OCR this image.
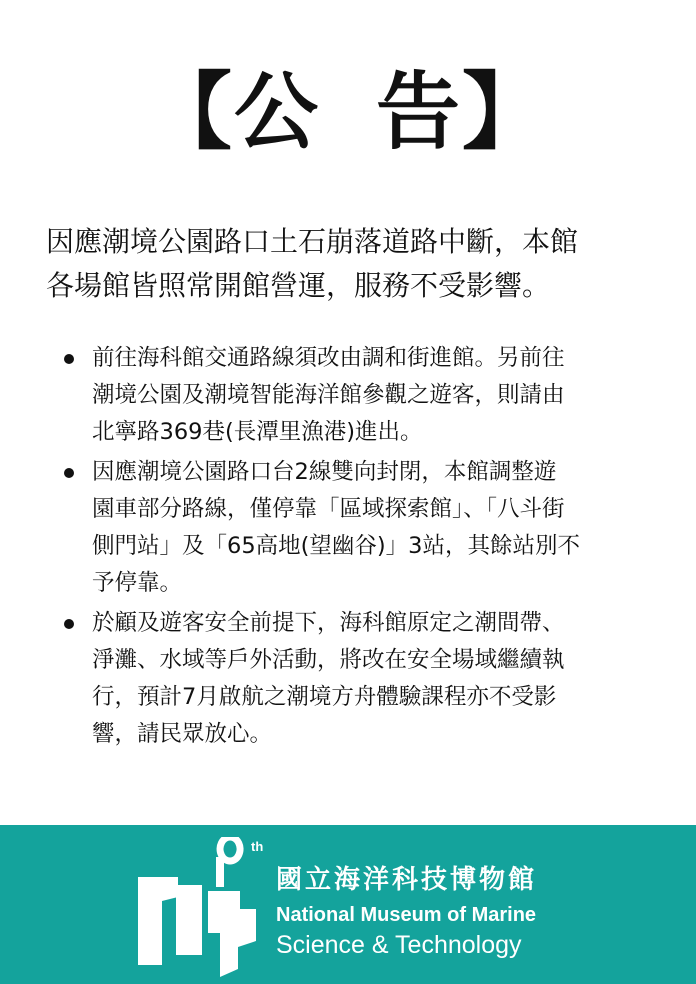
【公 告】

因應潮境公園路口土石崩落道路中斷，本館
各場館皆照常開館營運，服務不受影響。

前往海科館交通路線須改由調和街進館。另前往
潮境公園及潮境智能海洋館參觀之遊客，則請由
北寧路369巷(長潭里漁港)進出。
因應潮境公園路口台2線雙向封閉，本館調整遊
園車部分路線，僅停靠「區域探索館」、「八斗街
側門站」及「65高地(望幽谷)」3站，其餘站別不
予停靠。
於顧及遊客安全前提下，海科館原定之潮間帶、
淨灘、水域等戶外活動，將改在安全場域繼續執
行，預計7月啟航之潮境方舟體驗課程亦不受影
響，請民眾放心。
th
國立海洋科技博物館
National Museum of Marine
Science & Technology
